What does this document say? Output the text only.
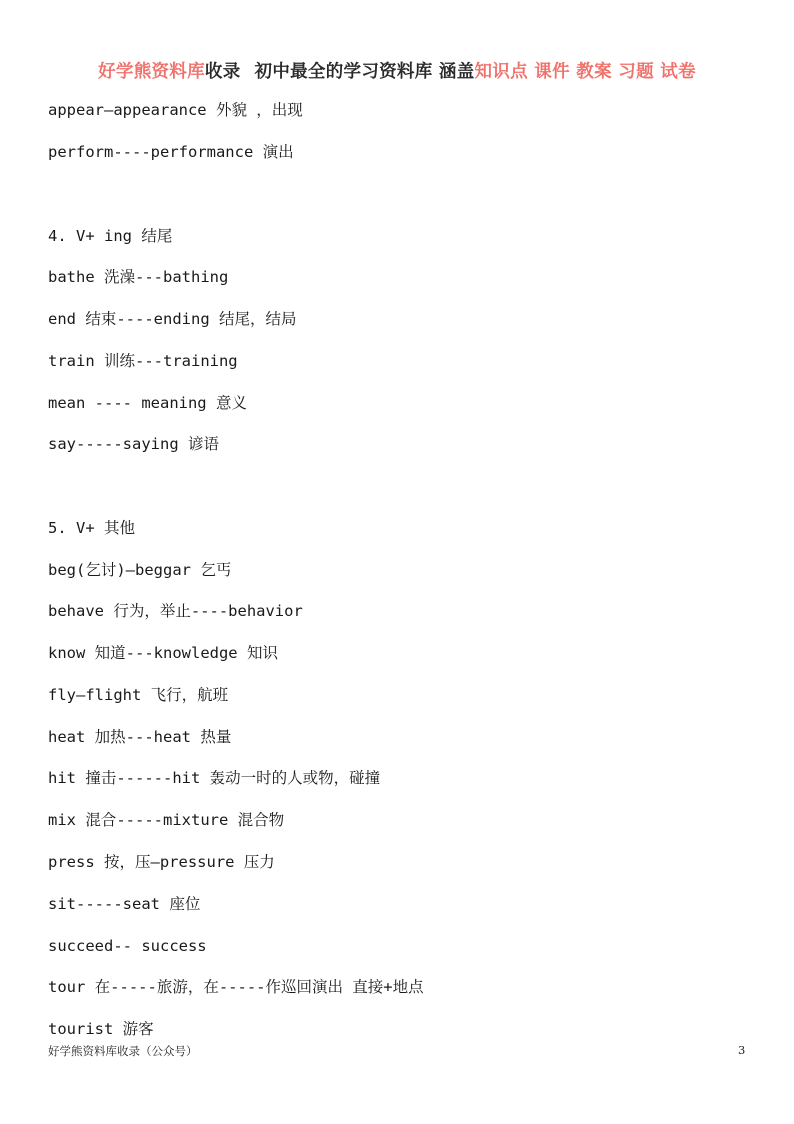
好学熊资料库收录 初中最全的学习资料库 涵盖知识点 课件 教案 习题 试卷
appear—appearance 外貌 ，出现
perform----performance 演出
4. V+ ing 结尾
bathe 洗澡---bathing
end 结束----ending 结尾，结局
train 训练---training
mean ---- meaning 意义
say-----saying 谚语
5. V+ 其他
beg(乞讨)—beggar 乞丐
behave 行为，举止----behavior
know 知道---knowledge 知识
fly—flight 飞行，航班
heat 加热---heat 热量
hit 撞击------hit 轰动一时的人或物，碰撞
mix 混合-----mixture 混合物
press 按，压—pressure 压力
sit-----seat 座位
succeed-- success
tour 在-----旅游，在-----作巡回演出 直接+地点
tourist 游客
好学熊资料库收录（公众号）	3
